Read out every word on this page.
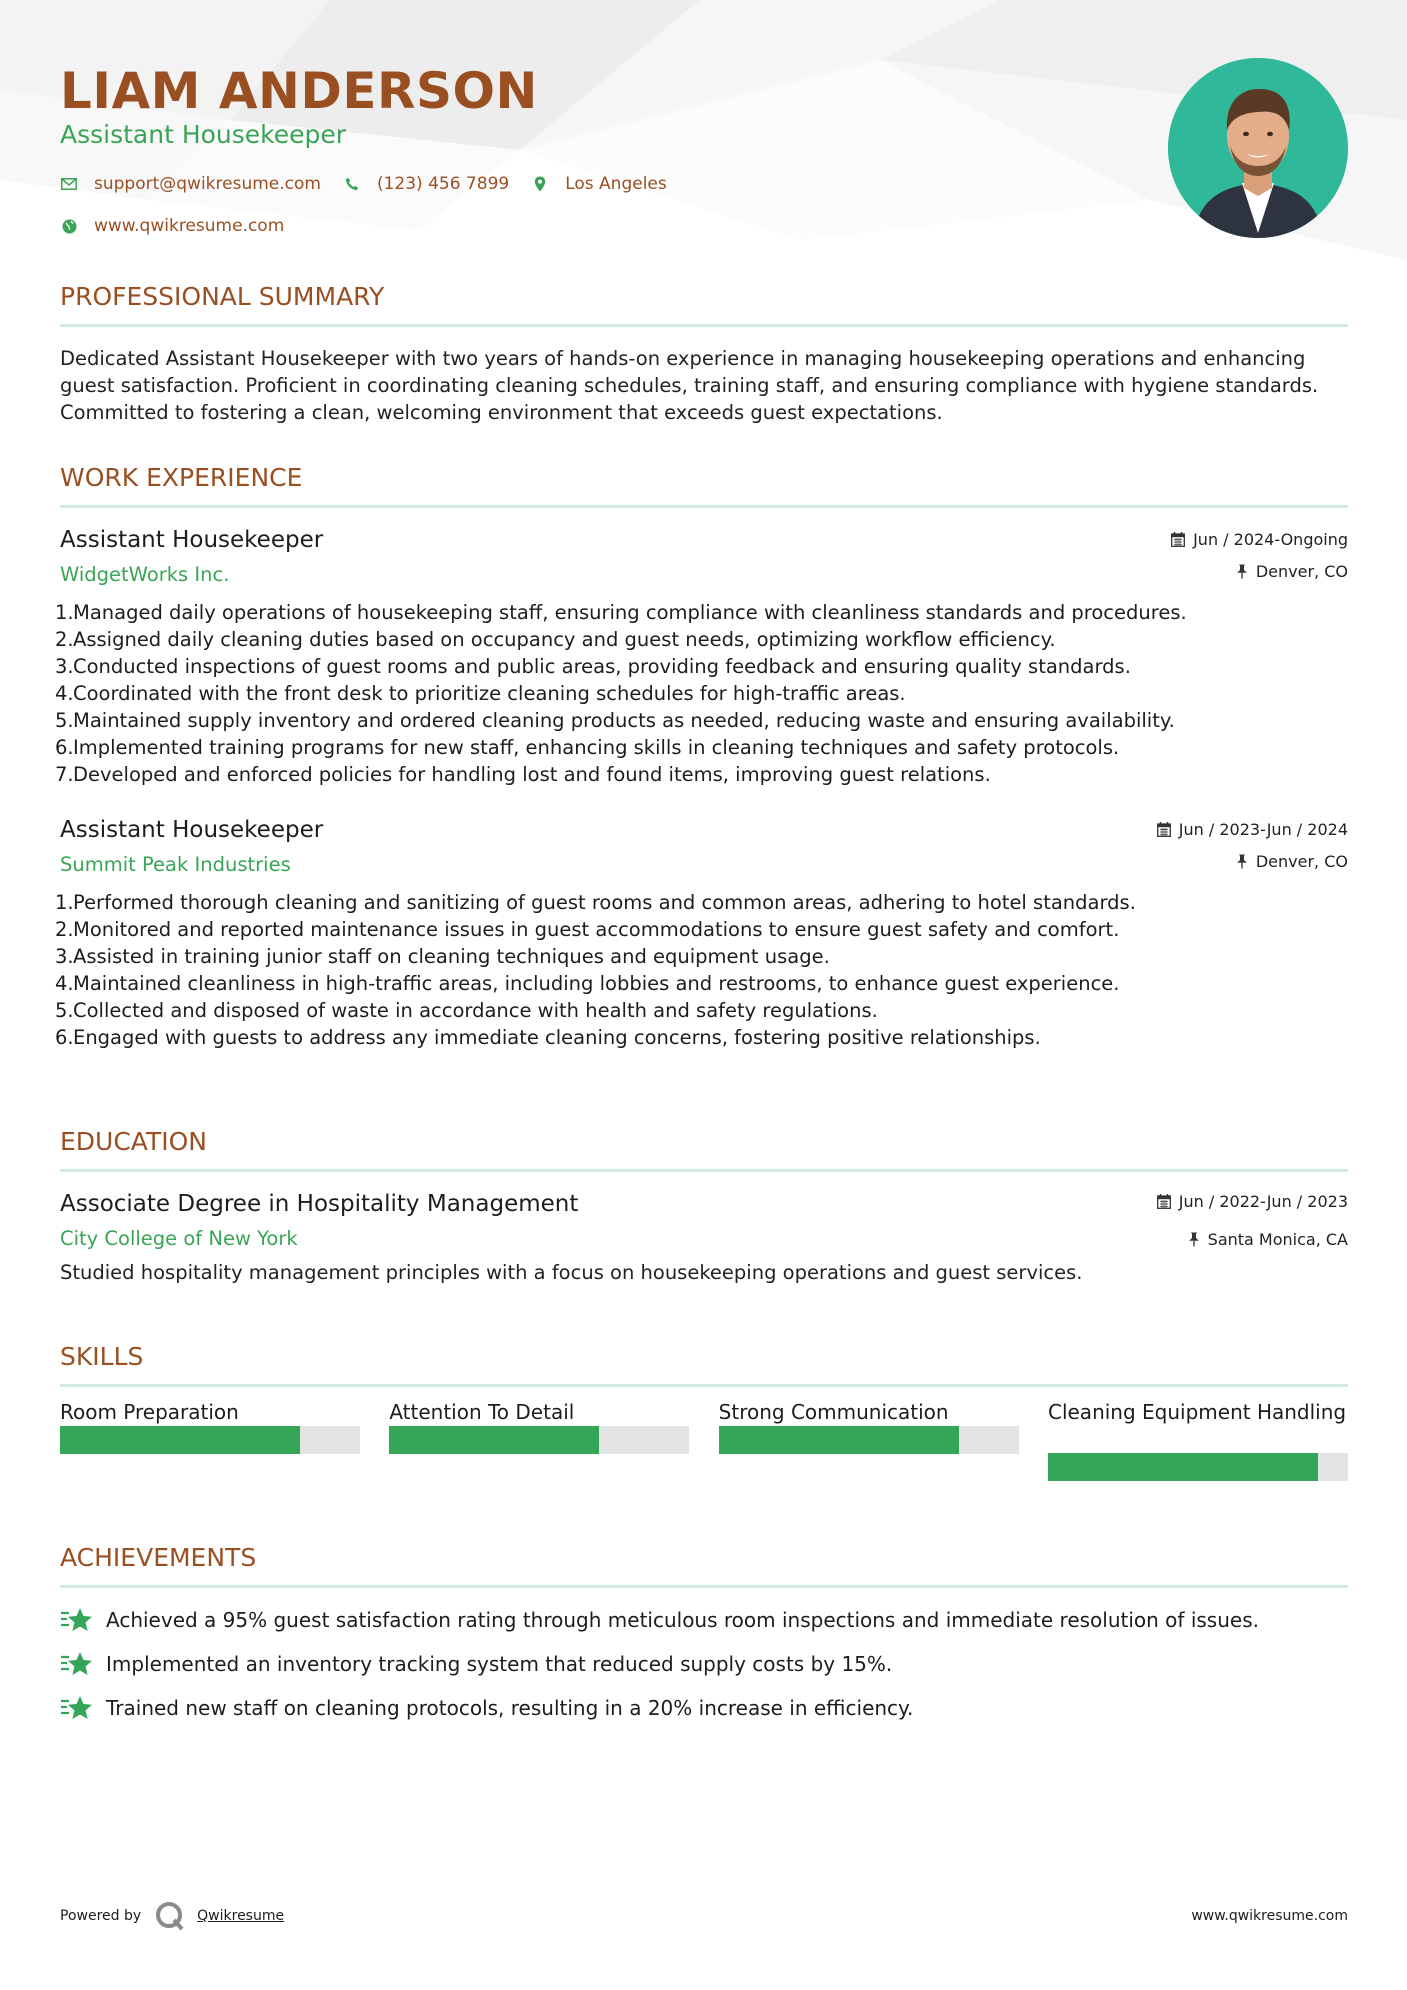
LIAM ANDERSON
Assistant Housekeeper
support@qwikresume.com	(123) 456 7899	Los Angeles
www.qwikresume.com
PROFESSIONAL SUMMARY
Dedicated Assistant Housekeeper with two years of hands-on experience in managing housekeeping operations and enhancing guest satisfaction. Proficient in coordinating cleaning schedules, training staff, and ensuring compliance with hygiene standards. Committed to fostering a clean, welcoming environment that exceeds guest expectations.
WORK EXPERIENCE
Assistant Housekeeper
WidgetWorks Inc.
Jun / 2024-Ongoing
Denver, CO
1. Managed daily operations of housekeeping staff, ensuring compliance with cleanliness standards and procedures.
2. Assigned daily cleaning duties based on occupancy and guest needs, optimizing workflow efficiency.
3. Conducted inspections of guest rooms and public areas, providing feedback and ensuring quality standards.
4. Coordinated with the front desk to prioritize cleaning schedules for high-traffic areas.
5. Maintained supply inventory and ordered cleaning products as needed, reducing waste and ensuring availability.
6. Implemented training programs for new staff, enhancing skills in cleaning techniques and safety protocols.
7. Developed and enforced policies for handling lost and found items, improving guest relations.
Assistant Housekeeper
Summit Peak Industries
Jun / 2023-Jun / 2024
Denver, CO
1. Performed thorough cleaning and sanitizing of guest rooms and common areas, adhering to hotel standards.
2. Monitored and reported maintenance issues in guest accommodations to ensure guest safety and comfort.
3. Assisted in training junior staff on cleaning techniques and equipment usage.
4. Maintained cleanliness in high-traffic areas, including lobbies and restrooms, to enhance guest experience.
5. Collected and disposed of waste in accordance with health and safety regulations.
6. Engaged with guests to address any immediate cleaning concerns, fostering positive relationships.
EDUCATION
Associate Degree in Hospitality Management
City College of New York
Jun / 2022-Jun / 2023
Santa Monica, CA
Studied hospitality management principles with a focus on housekeeping operations and guest services.
SKILLS
Room Preparation	Attention To Detail	Strong Communication	Cleaning Equipment Handling
ACHIEVEMENTS
Achieved a 95% guest satisfaction rating through meticulous room inspections and immediate resolution of issues.
Implemented an inventory tracking system that reduced supply costs by 15%.
Trained new staff on cleaning protocols, resulting in a 20% increase in efficiency.
Powered by	Qwikresume	www.qwikresume.com
